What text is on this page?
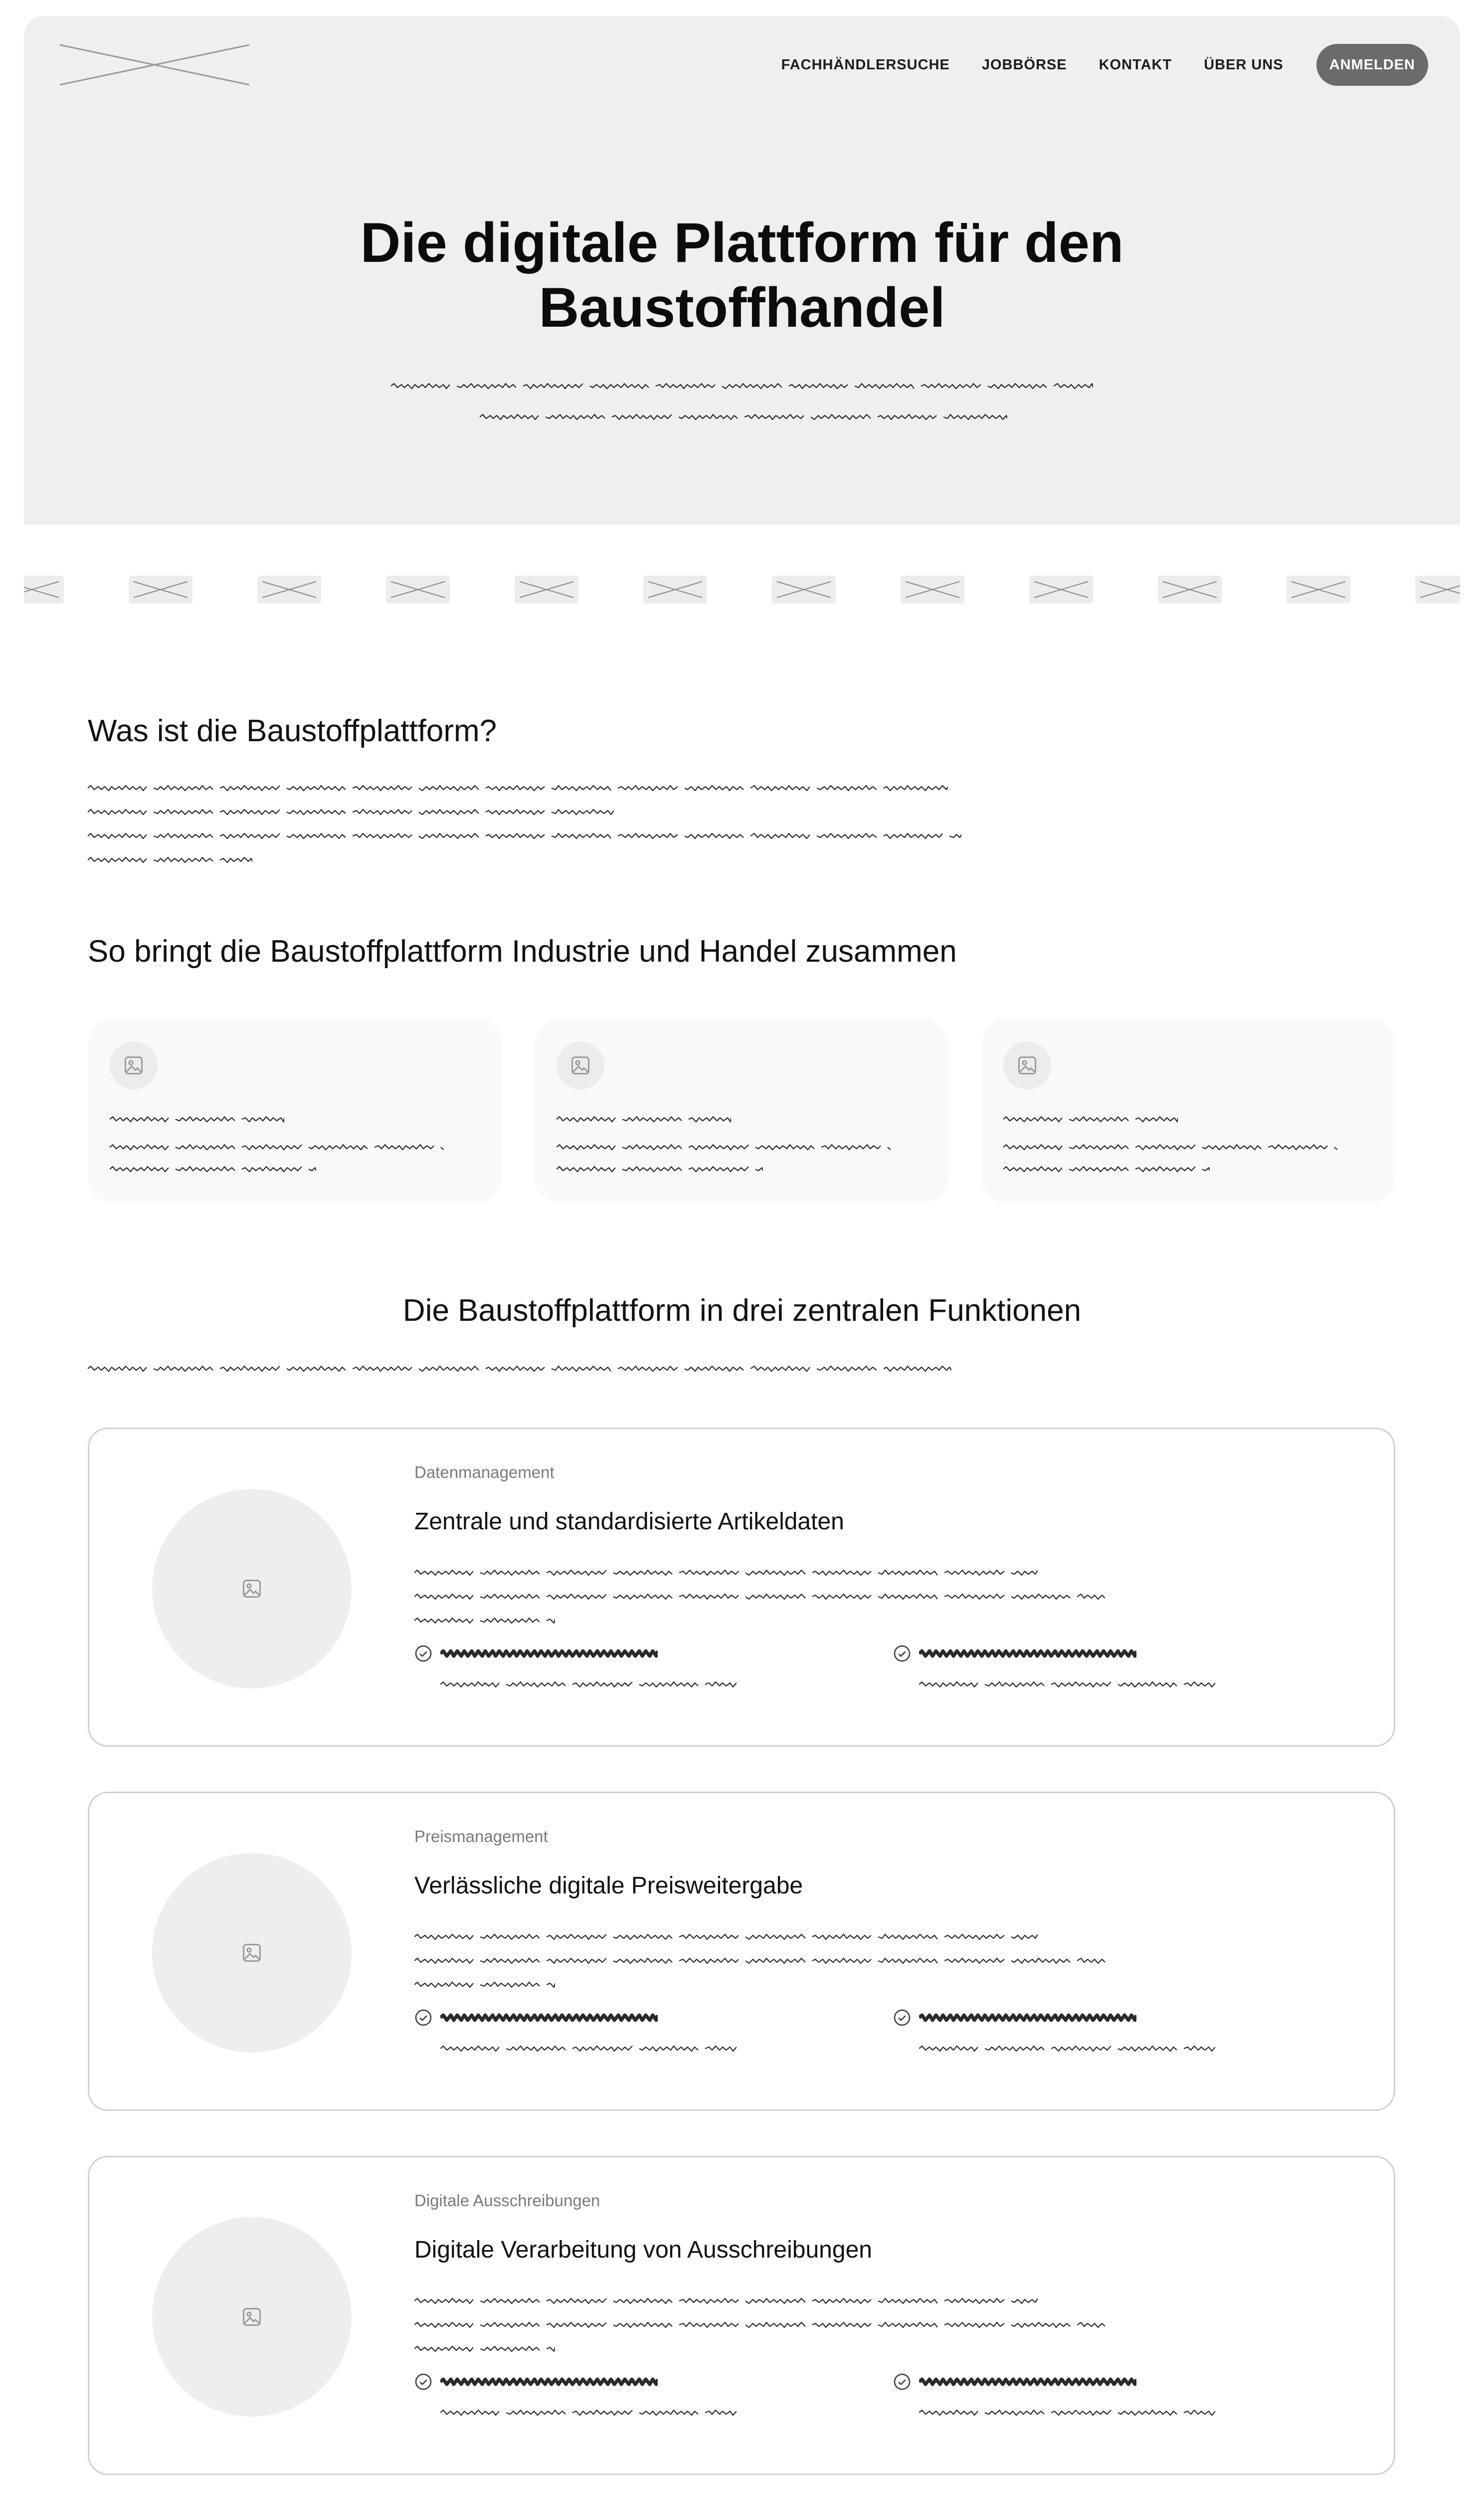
FACHHÄNDLERSUCHE JOBBÖRSE KONTAKT ÜBER UNS	ANMELDEN
Die digitale Plattform für den
Baustoffhandel
Was ist die Baustoffplattform?
So bringt die Baustoffplattform Industrie und Handel zusammen
Die Baustoffplattform in drei zentralen Funktionen
Datenmanagement
Zentrale und standardisierte Artikeldaten
Preismanagement
Verlässliche digitale Preisweitergabe
Digitale Ausschreibungen
Digitale Verarbeitung von Ausschreibungen
